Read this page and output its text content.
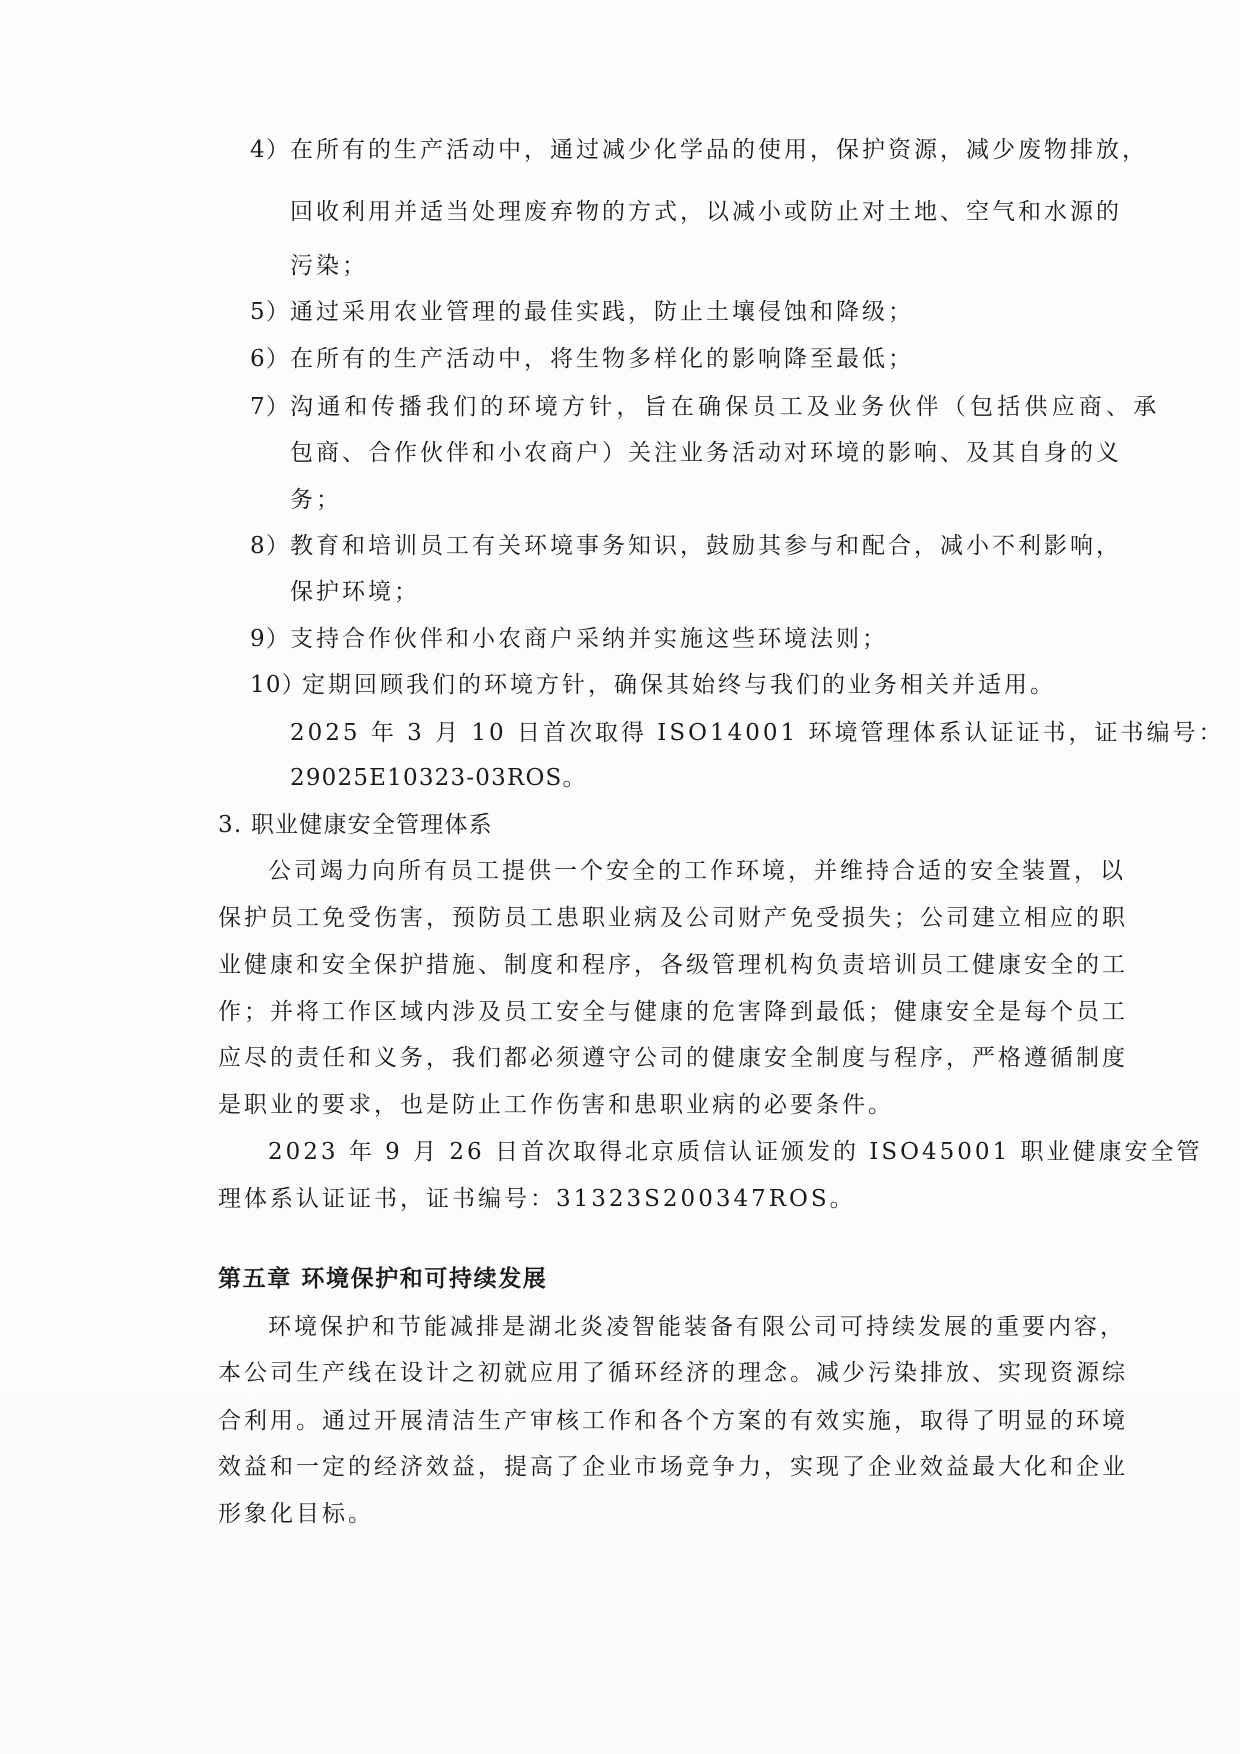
4） 在所有的生产活动中，通过减少化学品的使用，保护资源，减少废物排放，
回收利用并适当处理废弃物的方式，以减小或防止对土地、空气和水源的
污染；
5） 通过采用农业管理的最佳实践，防止土壤侵蚀和降级；
6） 在所有的生产活动中，将生物多样化的影响降至最低；
7） 沟通和传播我们的环境方针，旨在确保员工及业务伙伴（包括供应商、承
包商、合作伙伴和小农商户）关注业务活动对环境的影响、及其自身的义
务；
8） 教育和培训员工有关环境事务知识，鼓励其参与和配合，减小不利影响，
保护环境；
9） 支持合作伙伴和小农商户采纳并实施这些环境法则；
10）
定期回顾我们的环境方针，确保其始终与我们的业务相关并适用。
2025 年 3 月 10 日首次取得 ISO14001 环境管理体系认证证书，证书编号：
29025E10323-03ROS。
3. 职业健康安全管理体系
公司竭力向所有员工提供一个安全的工作环境，并维持合适的安全装置，以
保护员工免受伤害，预防员工患职业病及公司财产免受损失；公司建立相应的职
业健康和安全保护措施、制度和程序，各级管理机构负责培训员工健康安全的工
作；并将工作区域内涉及员工安全与健康的危害降到最低；健康安全是每个员工
应尽的责任和义务，我们都必须遵守公司的健康安全制度与程序，严格遵循制度
是职业的要求，也是防止工作伤害和患职业病的必要条件。
2023 年 9 月 26 日首次取得北京质信认证颁发的 ISO45001 职业健康安全管
理体系认证证书，证书编号：31323S200347ROS。
第五章 环境保护和可持续发展
环境保护和节能减排是湖北炎凌智能装备有限公司可持续发展的重要内容，
本公司生产线在设计之初就应用了循环经济的理念。减少污染排放、实现资源综
合利用。通过开展清洁生产审核工作和各个方案的有效实施，取得了明显的环境
效益和一定的经济效益，提高了企业市场竞争力，实现了企业效益最大化和企业
形象化目标。
